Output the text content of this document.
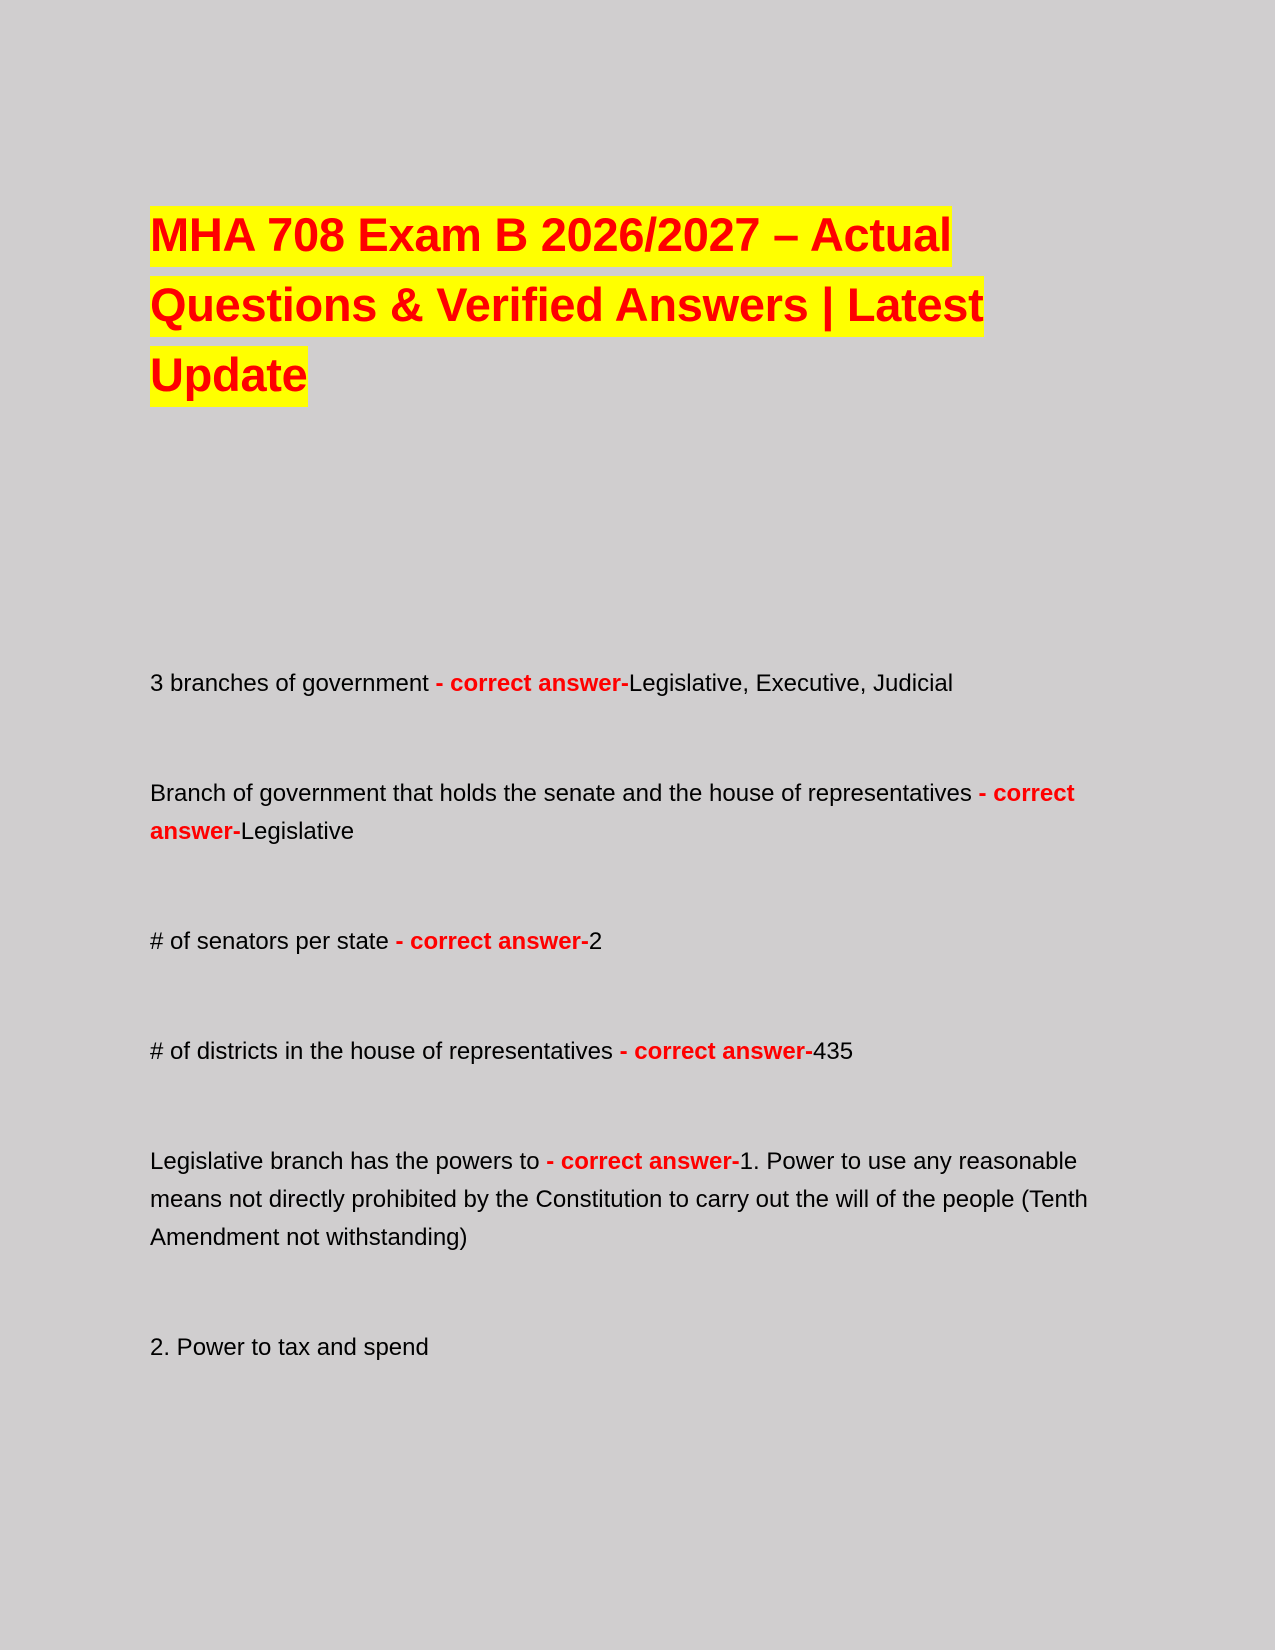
MHA 708 Exam B 2026/2027 – Actual Questions & Verified Answers | Latest Update

3 branches of government - correct answer-Legislative, Executive, Judicial

Branch of government that holds the senate and the house of representatives - correct answer-Legislative

# of senators per state - correct answer-2

# of districts in the house of representatives - correct answer-435

Legislative branch has the powers to - correct answer-1. Power to use any reasonable means not directly prohibited by the Constitution to carry out the will of the people (Tenth Amendment not withstanding)

2. Power to tax and spend
